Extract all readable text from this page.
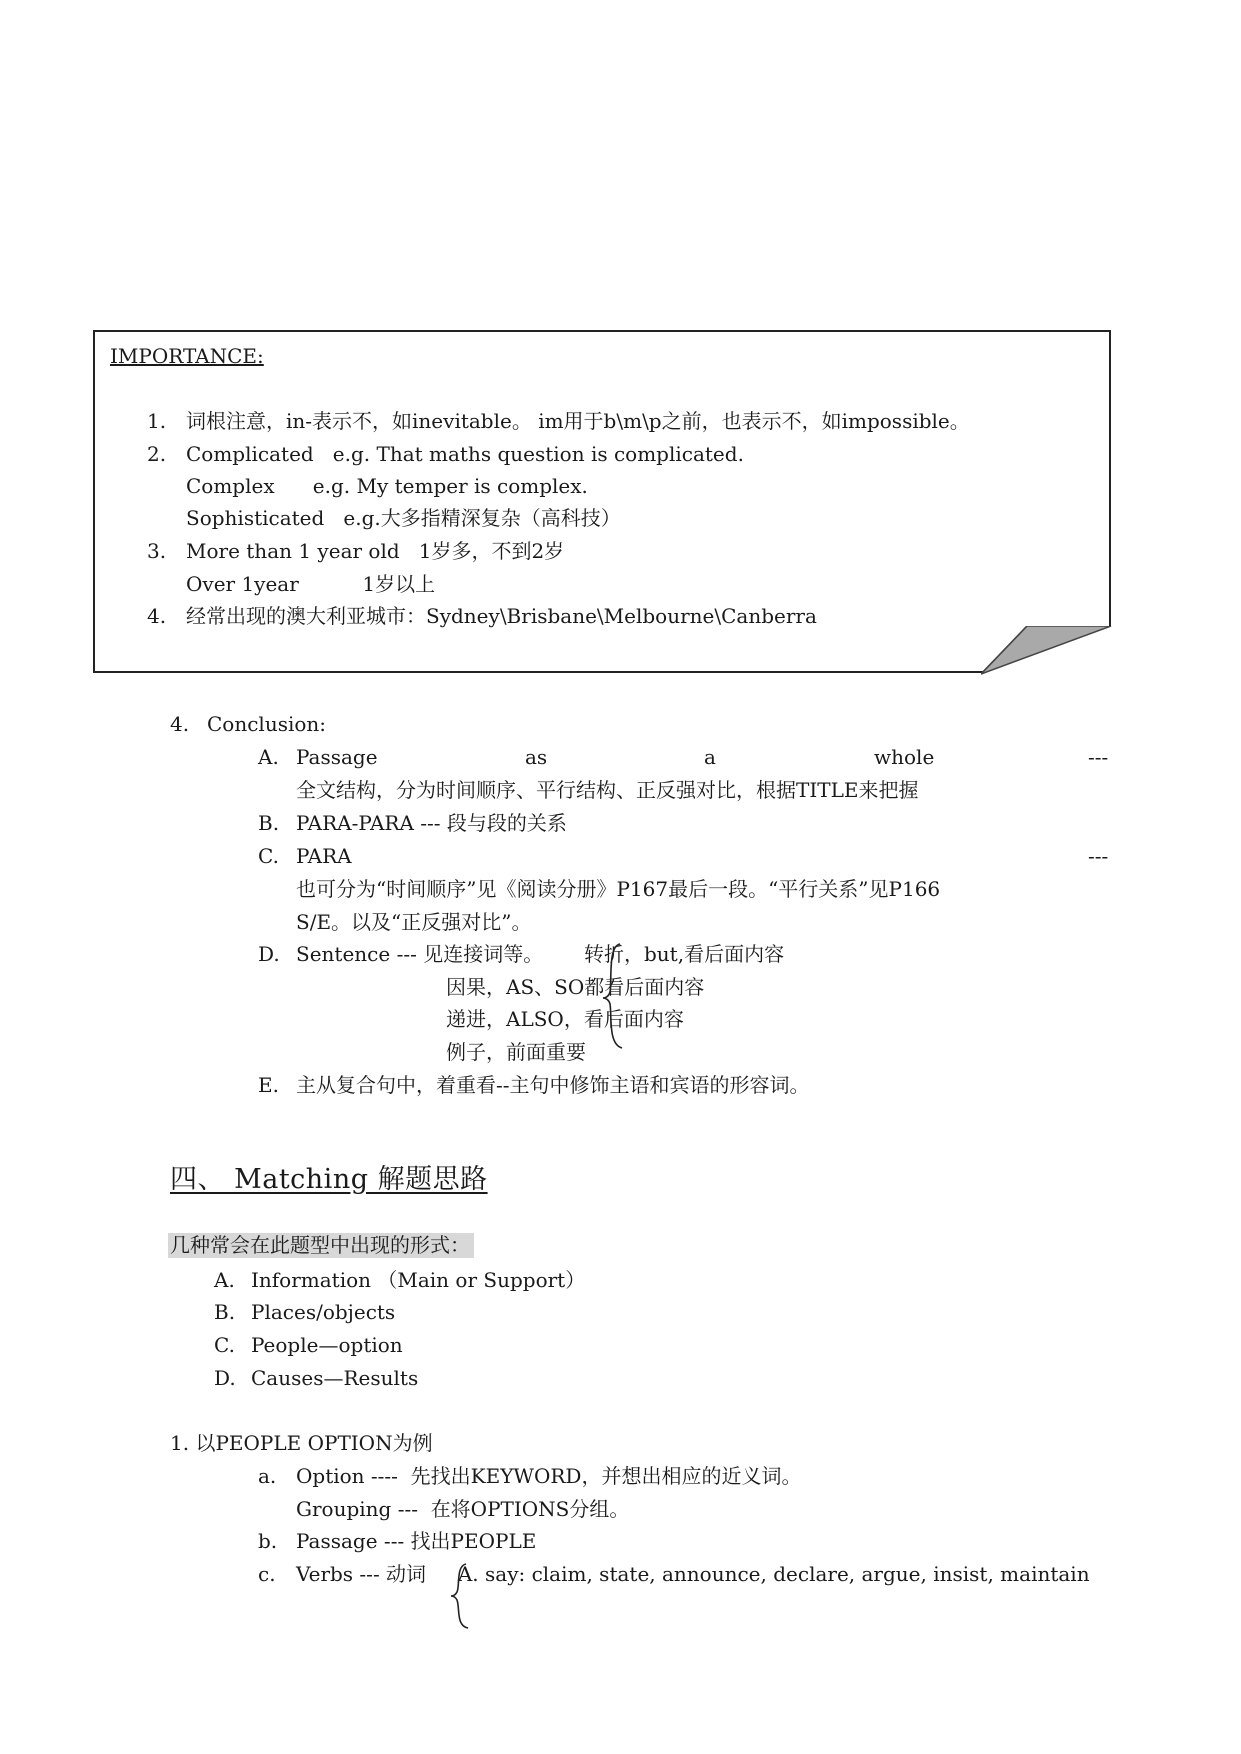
IMPORTANCE:
1. 词根注意，in-表示不，如inevitable。 im用于b\m\p之前，也表示不，如impossible。
2. Complicated   e.g. That maths question is complicated.
Complex      e.g. My temper is complex.
Sophisticated   e.g.大多指精深复杂（高科技）
3. More than 1 year old   1岁多，不到2岁
Over 1year          1岁以上
4. 经常出现的澳大利亚城市：Sydney\Brisbane\Melbourne\Canberra
4. Conclusion:
A. Passage	as	a	whole	---
全文结构，分为时间顺序、平行结构、正反强对比，根据TITLE来把握
B. PARA-PARA --- 段与段的关系
C. PARA	---
也可分为“时间顺序”见《阅读分册》P167最后一段。“平行关系”见P166
S/E。以及“正反强对比”。
D. Sentence --- 见连接词等。 转折，but,看后面内容
因果，AS、SO都看后面内容
递进，ALSO，看后面内容
例子，前面重要
E. 主从复合句中，着重看--主句中修饰主语和宾语的形容词。
四、 Matching 解题思路
几种常会在此题型中出现的形式：
A. Information （Main or Support）
B. Places/objects
C. People—option
D. Causes—Results
1. 以PEOPLE OPTION为例
a. Option ----  先找出KEYWORD，并想出相应的近义词。
Grouping ---  在将OPTIONS分组。
b. Passage --- 找出PEOPLE
c. Verbs --- 动词     A. say: claim, state, announce, declare, argue, insist, maintain
